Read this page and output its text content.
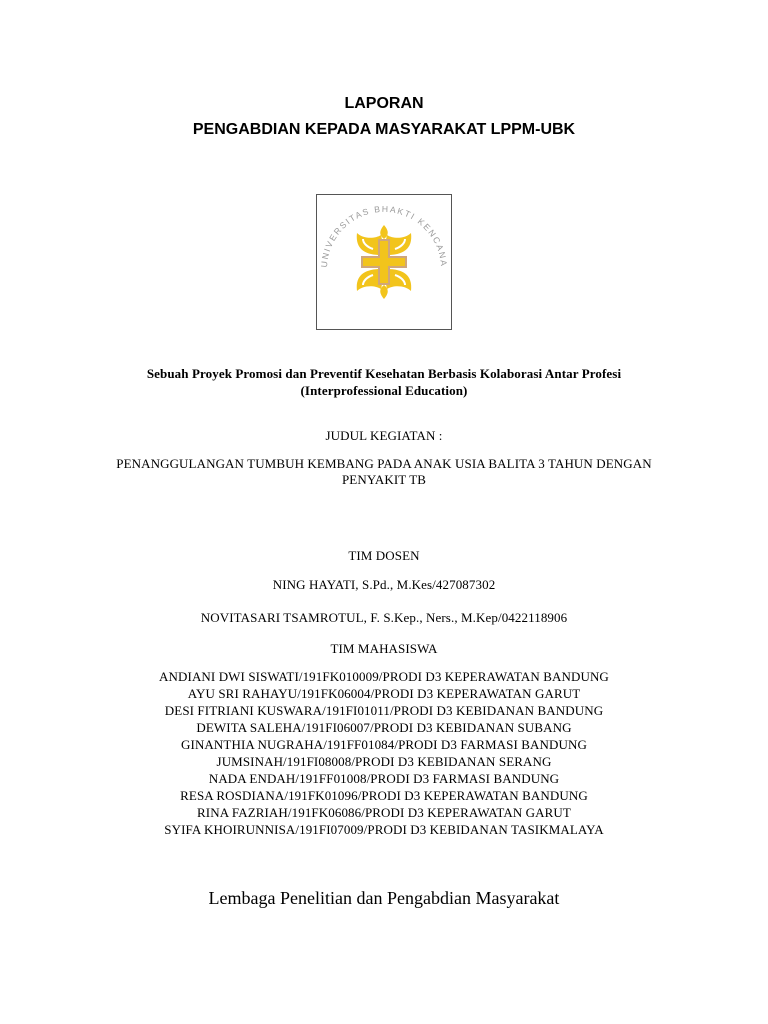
LAPORAN
PENGABDIAN KEPADA MASYARAKAT LPPM-UBK
UNIVERSITAS BHAKTI KENCANA
Sebuah Proyek Promosi dan Preventif Kesehatan Berbasis Kolaborasi Antar Profesi
(Interprofessional Education)
JUDUL KEGIATAN :
PENANGGULANGAN TUMBUH KEMBANG PADA ANAK USIA BALITA 3 TAHUN DENGAN
PENYAKIT TB
TIM DOSEN
NING HAYATI, S.Pd., M.Kes/427087302
NOVITASARI TSAMROTUL, F. S.Kep., Ners., M.Kep/0422118906
TIM MAHASISWA
ANDIANI DWI SISWATI/191FK010009/PRODI D3 KEPERAWATAN BANDUNG
AYU SRI RAHAYU/191FK06004/PRODI D3 KEPERAWATAN GARUT
DESI FITRIANI KUSWARA/191FI01011/PRODI D3 KEBIDANAN BANDUNG
DEWITA SALEHA/191FI06007/PRODI D3 KEBIDANAN SUBANG
GINANTHIA NUGRAHA/191FF01084/PRODI D3 FARMASI BANDUNG
JUMSINAH/191FI08008/PRODI D3 KEBIDANAN SERANG
NADA ENDAH/191FF01008/PRODI D3 FARMASI BANDUNG
RESA ROSDIANA/191FK01096/PRODI D3 KEPERAWATAN BANDUNG
RINA FAZRIAH/191FK06086/PRODI D3 KEPERAWATAN GARUT
SYIFA KHOIRUNNISA/191FI07009/PRODI D3 KEBIDANAN TASIKMALAYA
Lembaga Penelitian dan Pengabdian Masyarakat
